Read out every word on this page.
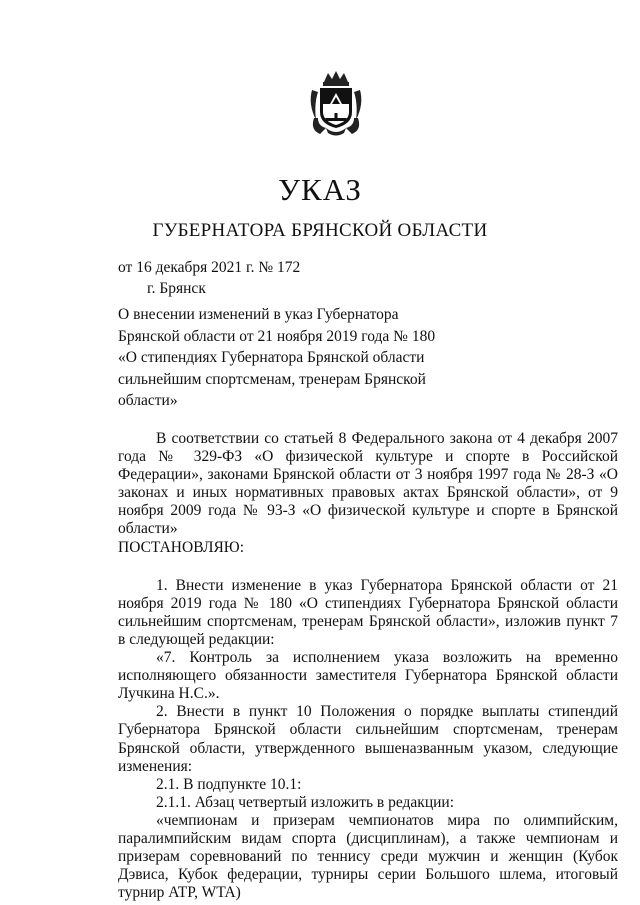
УКАЗ
ГУБЕРНАТОРА БРЯНСКОЙ ОБЛАСТИ
от 16 декабря 2021 г. № 172
г. Брянск
О внесении изменений в указ Губернатора
Брянской области от 21 ноября 2019 года № 180
«О стипендиях Губернатора Брянской области
сильнейшим спортсменам, тренерам Брянской
области»

В соответствии со статьей 8 Федерального закона от 4 декабря 2007 года № 329-ФЗ «О физической культуре и спорте в Российской Федерации», законами Брянской области от 3 ноября 1997 года № 28-З «О законах и иных нормативных правовых актах Брянской области», от 9 ноября 2009 года № 93-З «О физической культуре и спорте в Брянской области»

ПОСТАНОВЛЯЮ:

1. Внести изменение в указ Губернатора Брянской области от 21 ноября 2019 года № 180 «О стипендиях Губернатора Брянской области сильнейшим спортсменам, тренерам Брянской области», изложив пункт 7 в следующей редакции:

«7. Контроль за исполнением указа возложить на временно исполняющего обязанности заместителя Губернатора Брянской области Лучкина Н.С.».

2. Внести в пункт 10 Положения о порядке выплаты стипендий Губернатора Брянской области сильнейшим спортсменам, тренерам Брянской области, утвержденного вышеназванным указом, следующие изменения:

2.1. В подпункте 10.1:

2.1.1. Абзац четвертый изложить в редакции:

«чемпионам и призерам чемпионатов мира по олимпийским, паралимпийским видам спорта (дисциплинам), а также чемпионам и призерам соревнований по теннису среди мужчин и женщин (Кубок Дэвиса, Кубок федерации, турниры серии Большого шлема, итоговый турнир ATP, WTA)
